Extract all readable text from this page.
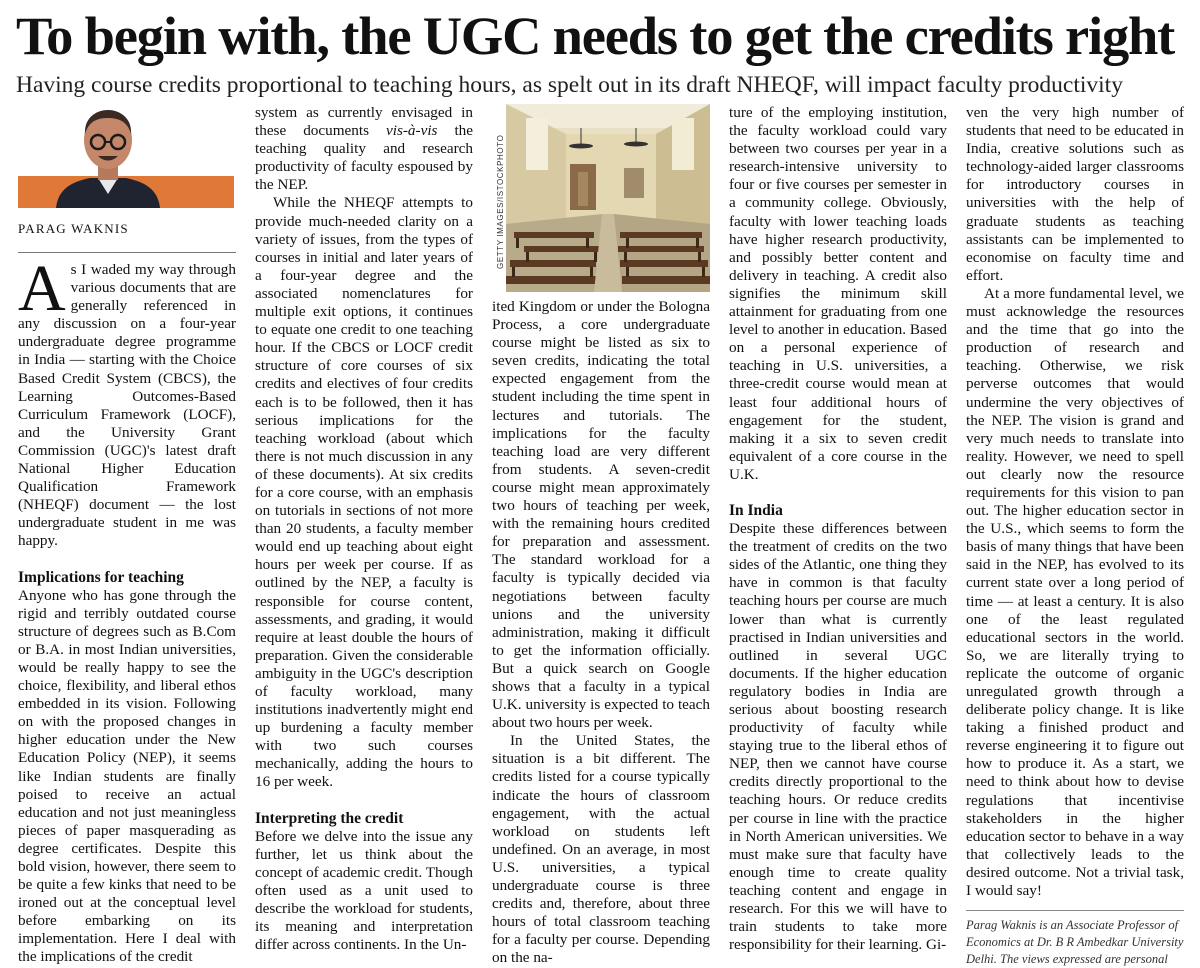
To begin with, the UGC needs to get the credits right
Having course credits proportional to teaching hours, as spelt out in its draft NHEQF, will impact faculty productivity
PARAG WAKNIS

As I waded my way through various documents that are generally referenced in any discussion on a four-year undergraduate degree programme in India — starting with the Choice Based Credit System (CBCS), the Learning Outcomes-Based Curriculum Framework (LOCF), and the University Grant Commission (UGC)'s latest draft National Higher Education Qualification Framework (NHEQF) document — the lost undergraduate student in me was happy.

Implications for teaching

Anyone who has gone through the rigid and terribly outdated course structure of degrees such as B.Com or B.A. in most Indian universities, would be really happy to see the choice, flexibility, and liberal ethos embedded in its vision. Following on with the proposed changes in higher education under the New Education Policy (NEP), it seems like Indian students are finally poised to receive an actual education and not just meaningless pieces of paper masquerading as degree certificates. Despite this bold vision, however, there seem to be quite a few kinks that need to be ironed out at the conceptual level before embarking on its implementation. Here I deal with the implications of the credit

system as currently envisaged in these documents vis-à-vis the teaching quality and research productivity of faculty espoused by the NEP.

While the NHEQF attempts to provide much-needed clarity on a variety of issues, from the types of courses in initial and later years of a four-year degree and the associated nomenclatures for multiple exit options, it continues to equate one credit to one teaching hour. If the CBCS or LOCF credit structure of core courses of six credits and electives of four credits each is to be followed, then it has serious implications for the teaching workload (about which there is not much discussion in any of these documents). At six credits for a core course, with an emphasis on tutorials in sections of not more than 20 students, a faculty member would end up teaching about eight hours per week per course. If as outlined by the NEP, a faculty is responsible for course content, assessments, and grading, it would require at least double the hours of preparation. Given the considerable ambiguity in the UGC's description of faculty workload, many institutions inadvertently might end up burdening a faculty member with two such courses mechanically, adding the hours to 16 per week.

Interpreting the credit

Before we delve into the issue any further, let us think about the concept of academic credit. Though often used as a unit used to describe the workload for students, its meaning and interpretation differ across continents. In the Un-

GETTY IMAGES/ISTOCKPHOTO

ited Kingdom or under the Bologna Process, a core undergraduate course might be listed as six to seven credits, indicating the total expected engagement from the student including the time spent in lectures and tutorials. The implications for the faculty teaching load are very different from students. A seven-credit course might mean approximately two hours of teaching per week, with the remaining hours credited for preparation and assessment. The standard workload for a faculty is typically decided via negotiations between faculty unions and the university administration, making it difficult to get the information officially. But a quick search on Google shows that a faculty in a typical U.K. university is expected to teach about two hours per week.

In the United States, the situation is a bit different. The credits listed for a course typically indicate the hours of classroom engagement, with the actual workload on students left undefined. On an average, in most U.S. universities, a typical undergraduate course is three credits and, therefore, about three hours of total classroom teaching for a faculty per course. Depending on the na-

ture of the employing institution, the faculty workload could vary between two courses per year in a research-intensive university to four or five courses per semester in a community college. Obviously, faculty with lower teaching loads have higher research productivity, and possibly better content and delivery in teaching. A credit also signifies the minimum skill attainment for graduating from one level to another in education. Based on a personal experience of teaching in U.S. universities, a three-credit course would mean at least four additional hours of engagement for the student, making it a six to seven credit equivalent of a core course in the U.K.

In India

Despite these differences between the treatment of credits on the two sides of the Atlantic, one thing they have in common is that faculty teaching hours per course are much lower than what is currently practised in Indian universities and outlined in several UGC documents. If the higher education regulatory bodies in India are serious about boosting research productivity of faculty while staying true to the liberal ethos of NEP, then we cannot have course credits directly proportional to the teaching hours. Or reduce credits per course in line with the practice in North American universities. We must make sure that faculty have enough time to create quality teaching content and engage in research. For this we will have to train students to take more responsibility for their learning. Gi-

ven the very high number of students that need to be educated in India, creative solutions such as technology-aided larger classrooms for introductory courses in universities with the help of graduate students as teaching assistants can be implemented to economise on faculty time and effort.

At a more fundamental level, we must acknowledge the resources and the time that go into the production of research and teaching. Otherwise, we risk perverse outcomes that would undermine the very objectives of the NEP. The vision is grand and very much needs to translate into reality. However, we need to spell out clearly now the resource requirements for this vision to pan out. The higher education sector in the U.S., which seems to form the basis of many things that have been said in the NEP, has evolved to its current state over a long period of time — at least a century. It is also one of the least regulated educational sectors in the world. So, we are literally trying to replicate the outcome of organic unregulated growth through a deliberate policy change. It is like taking a finished product and reverse engineering it to figure out how to produce it. As a start, we need to think about how to devise regulations that incentivise stakeholders in the higher education sector to behave in a way that collectively leads to the desired outcome. Not a trivial task, I would say!

Parag Waknis is an Associate Professor of Economics at Dr. B R Ambedkar University Delhi. The views expressed are personal
